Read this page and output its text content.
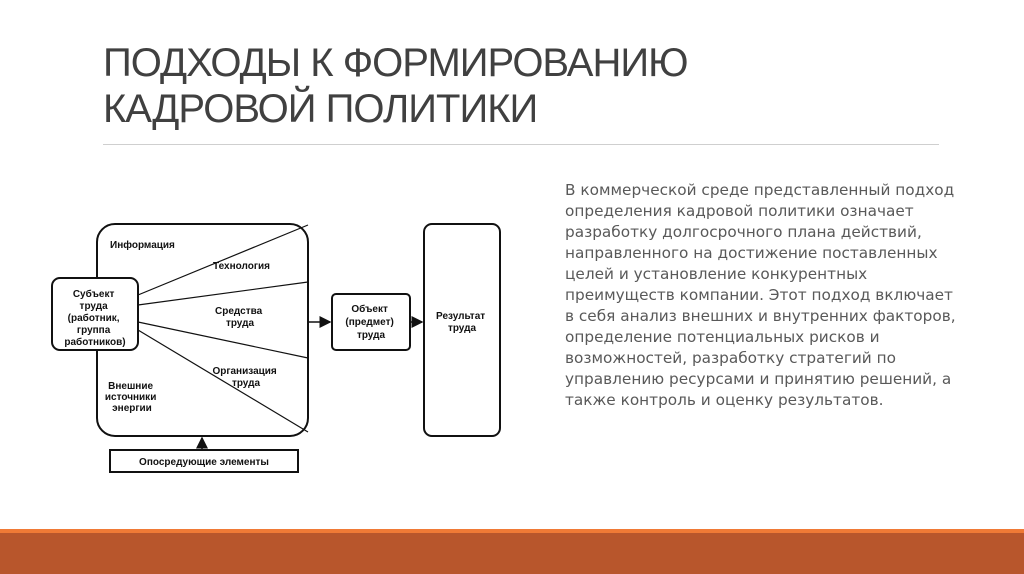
ПОДХОДЫ К ФОРМИРОВАНИЮ
КАДРОВОЙ ПОЛИТИКИ
Субъект труда (работник, группа работников)
Информация
Технология
Средства труда
Организация труда
Внешние источники энергии
Объект (предмет) труда
Результат труда
Опосредующие элементы

В коммерческой среде представленный подход определения кадровой политики означает разработку долгосрочного плана действий, направленного на достижение поставленных целей и установление конкурентных преимуществ компании. Этот подход включает в себя анализ внешних и внутренних факторов, определение потенциальных рисков и возможностей, разработку стратегий по управлению ресурсами и принятию решений, а также контроль и оценку результатов.
